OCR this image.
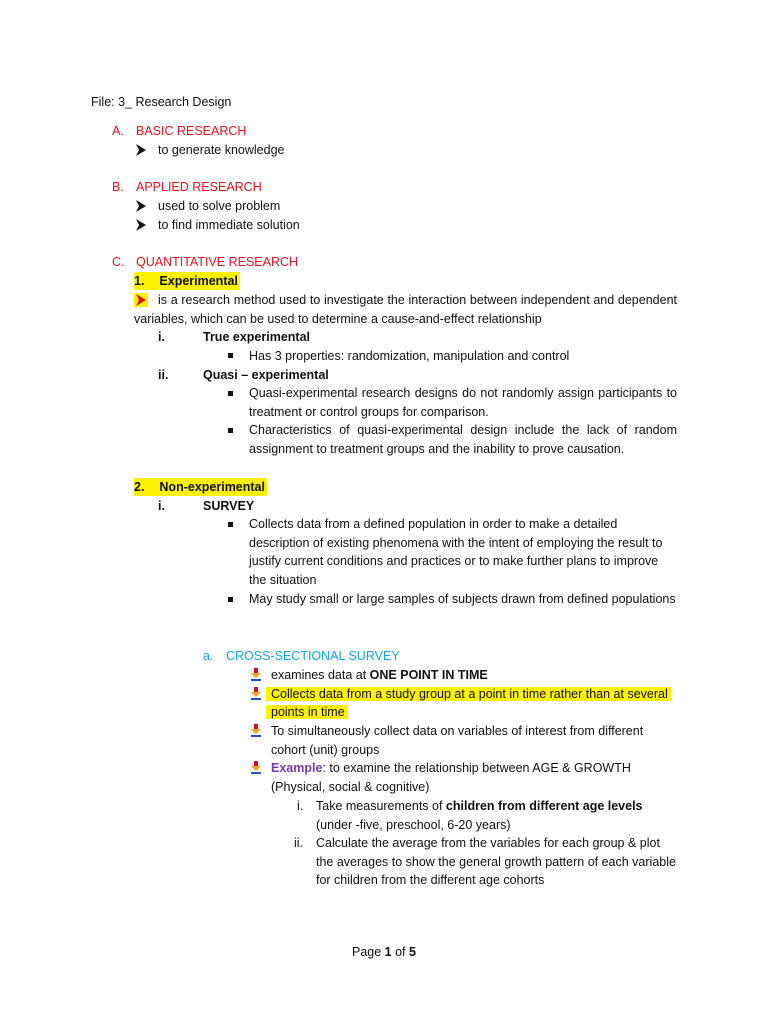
File: 3_ Research Design
A. BASIC RESEARCH
to generate knowledge
B. APPLIED RESEARCH
used to solve problem
to find immediate solution
C. QUANTITATIVE RESEARCH
1. Experimental
is a research method used to investigate the interaction between independent and dependent variables, which can be used to determine a cause-and-effect relationship
i.	True experimental
Has 3 properties: randomization, manipulation and control
ii.	Quasi – experimental
Quasi-experimental research designs do not randomly assign participants to treatment or control groups for comparison.
Characteristics of quasi-experimental design include the lack of random assignment to treatment groups and the inability to prove causation.
2. Non-experimental
i.	SURVEY
Collects data from a defined population in order to make a detailed description of existing phenomena with the intent of employing the result to justify current conditions and practices or to make further plans to improve the situation
May study small or large samples of subjects drawn from defined populations
a. CROSS-SECTIONAL SURVEY
examines data at ONE POINT IN TIME
Collects data from a study group at a point in time rather than at several
points in time
To simultaneously collect data on variables of interest from different cohort (unit) groups
Example: to examine the relationship between AGE & GROWTH (Physical, social & cognitive)
i. Take measurements of children from different age levels (under -five, preschool, 6-20 years)
ii. Calculate the average from the variables for each group & plot the averages to show the general growth pattern of each variable for children from the different age cohorts
Page 1 of 5
